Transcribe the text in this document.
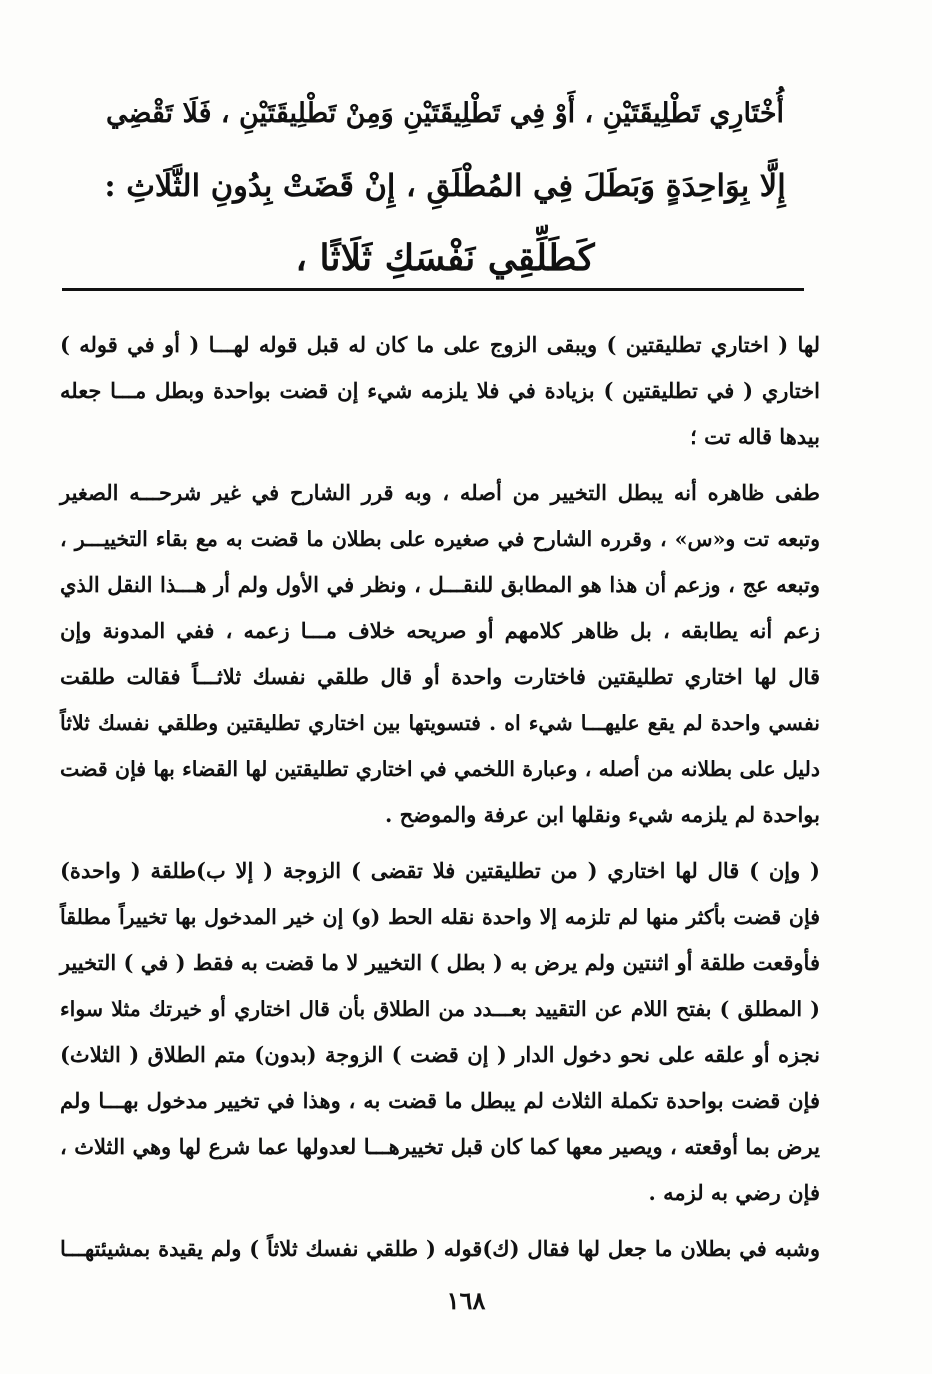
أُخْتَارِي تَطْلِيقَتَيْنِ ، أَوْ فِي تَطْلِيقَتَيْنِ وَمِنْ تَطْلِيقَتَيْنِ ، فَلَا تَقْضِي
إِلَّا بِوَاحِدَةٍ وَبَطَلَ فِي المُطْلَقِ ، إِنْ قَضَتْ بِدُونِ الثَّلَاثِ :
كَطَلِّقِي نَفْسَكِ ثَلَاثًا ،
لها ( اختاري تطليقتين ) ويبقى الزوج على ما كان له قبل قوله لهـــا ( أو في قوله )
اختاري ( في تطليقتين ) بزيادة في فلا يلزمه شيء إن قضت بواحدة وبطل مـــا جعله
بيدها قاله تت ؛
طفى ظاهره أنه يبطل التخيير من أصله ، وبه قرر الشارح في غير شرحـــه الصغير
وتبعه تت و«س» ، وقرره الشارح في صغيره على بطلان ما قضت به مع بقاء التخييـــر ،
وتبعه عج ، وزعم أن هذا هو المطابق للنقـــل ، ونظر في الأول ولم أر هـــذا النقل الذي
زعم أنه يطابقه ، بل ظاهر كلامهم أو صريحه خلاف مـــا زعمه ، ففي المدونة وإن
قال لها اختاري تطليقتين فاختارت واحدة أو قال طلقي نفسك ثلاثـــاً فقالت طلقت
نفسي واحدة لم يقع عليهـــا شيء اه . فتسويتها بين اختاري تطليقتين وطلقي نفسك ثلاثاً
دليل على بطلانه من أصله ، وعبارة اللخمي في اختاري تطليقتين لها القضاء بها فإن قضت
بواحدة لم يلزمه شيء ونقلها ابن عرفة والموضح .
( وإن ) قال لها اختاري ( من تطليقتين فلا تقضى ) الزوجة ( إلا ب)طلقة ( واحدة)
فإن قضت بأكثر منها لم تلزمه إلا واحدة نقله الحط (و) إن خير المدخول بها تخييراً مطلقاً
فأوقعت طلقة أو اثنتين ولم يرض به ( بطل ) التخيير لا ما قضت به فقط ( في ) التخيير
( المطلق ) بفتح اللام عن التقييد بعـــدد من الطلاق بأن قال اختاري أو خيرتك مثلا سواء
نجزه أو علقه على نحو دخول الدار ( إن قضت ) الزوجة (بدون) متم الطلاق ( الثلاث)
فإن قضت بواحدة تكملة الثلاث لم يبطل ما قضت به ، وهذا في تخيير مدخول بهـــا ولم
يرض بما أوقعته ، ويصير معها كما كان قبل تخييرهـــا لعدولها عما شرع لها وهي الثلاث ،
فإن رضي به لزمه .
وشبه في بطلان ما جعل لها فقال (ك)قوله ( طلقي نفسك ثلاثاً ) ولم يقيدة بمشيئتهـــا
١٦٨
